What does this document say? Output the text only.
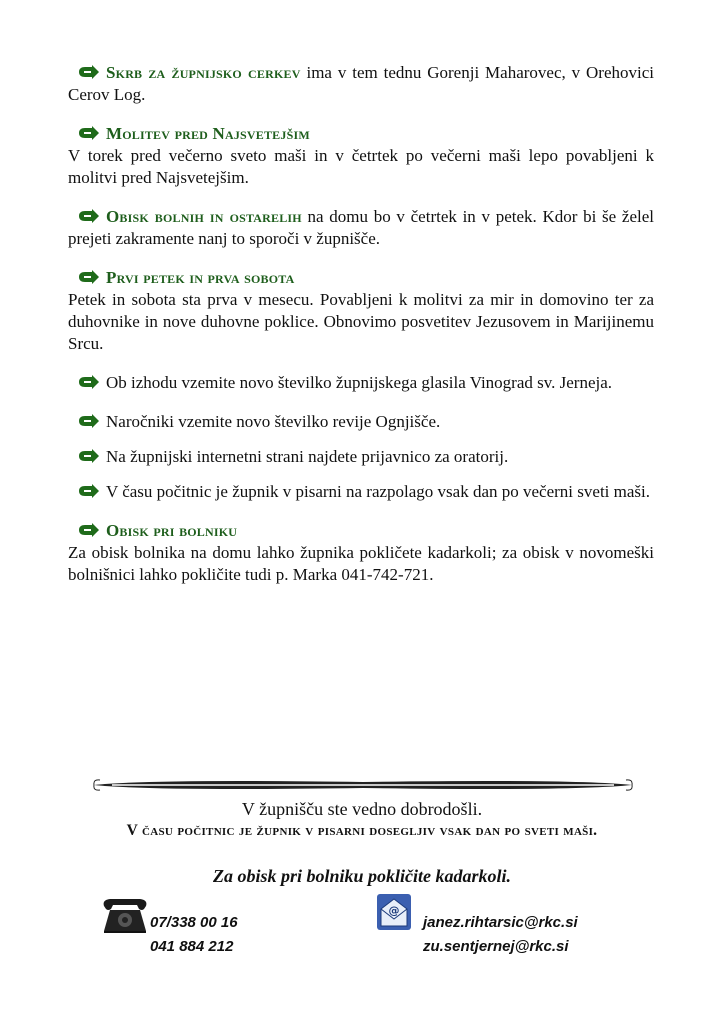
Skrb za župnijsko cerkev ima v tem tednu Gorenji Maharovec, v Orehovici Cerov Log.
Molitev pred Najsvetejšim
V torek pred večerno sveto maši in v četrtek po večerni maši lepo povabljeni k molitvi pred Najsvetejšim.
Obisk bolnih in ostarelih na domu bo v četrtek in v petek. Kdor bi še želel prejeti zakramente nanj to sporoči v župnišče.
Prvi petek in prva sobota
Petek in sobota sta prva v mesecu. Povabljeni k molitvi za mir in domovino ter za duhovnike in nove duhovne poklice. Obnovimo posvetitev Jezusovem in Marijinemu Srcu.
Ob izhodu vzemite novo številko župnijskega glasila Vinograd sv. Jerneja.
Naročniki vzemite novo številko revije Ognjišče.
Na župnijski internetni strani najdete prijavnico za oratorij.
V času počitnic je župnik v pisarni na razpolago vsak dan po večerni sveti maši.
Obisk pri bolniku
Za obisk bolnika na domu lahko župnika pokličete kadarkoli; za obisk v novomeški bolnišnici lahko pokličite tudi p. Marka 041-742-721.
V župnišču ste vedno dobrodošli.
V času počitnic je župnik v pisarni dosegljiv vsak dan po sveti maši.
Za obisk pri bolniku pokličite kadarkoli.
07/338 00 16
041 884 212
@
janez.rihtarsic@rkc.si
zu.sentjernej@rkc.si
